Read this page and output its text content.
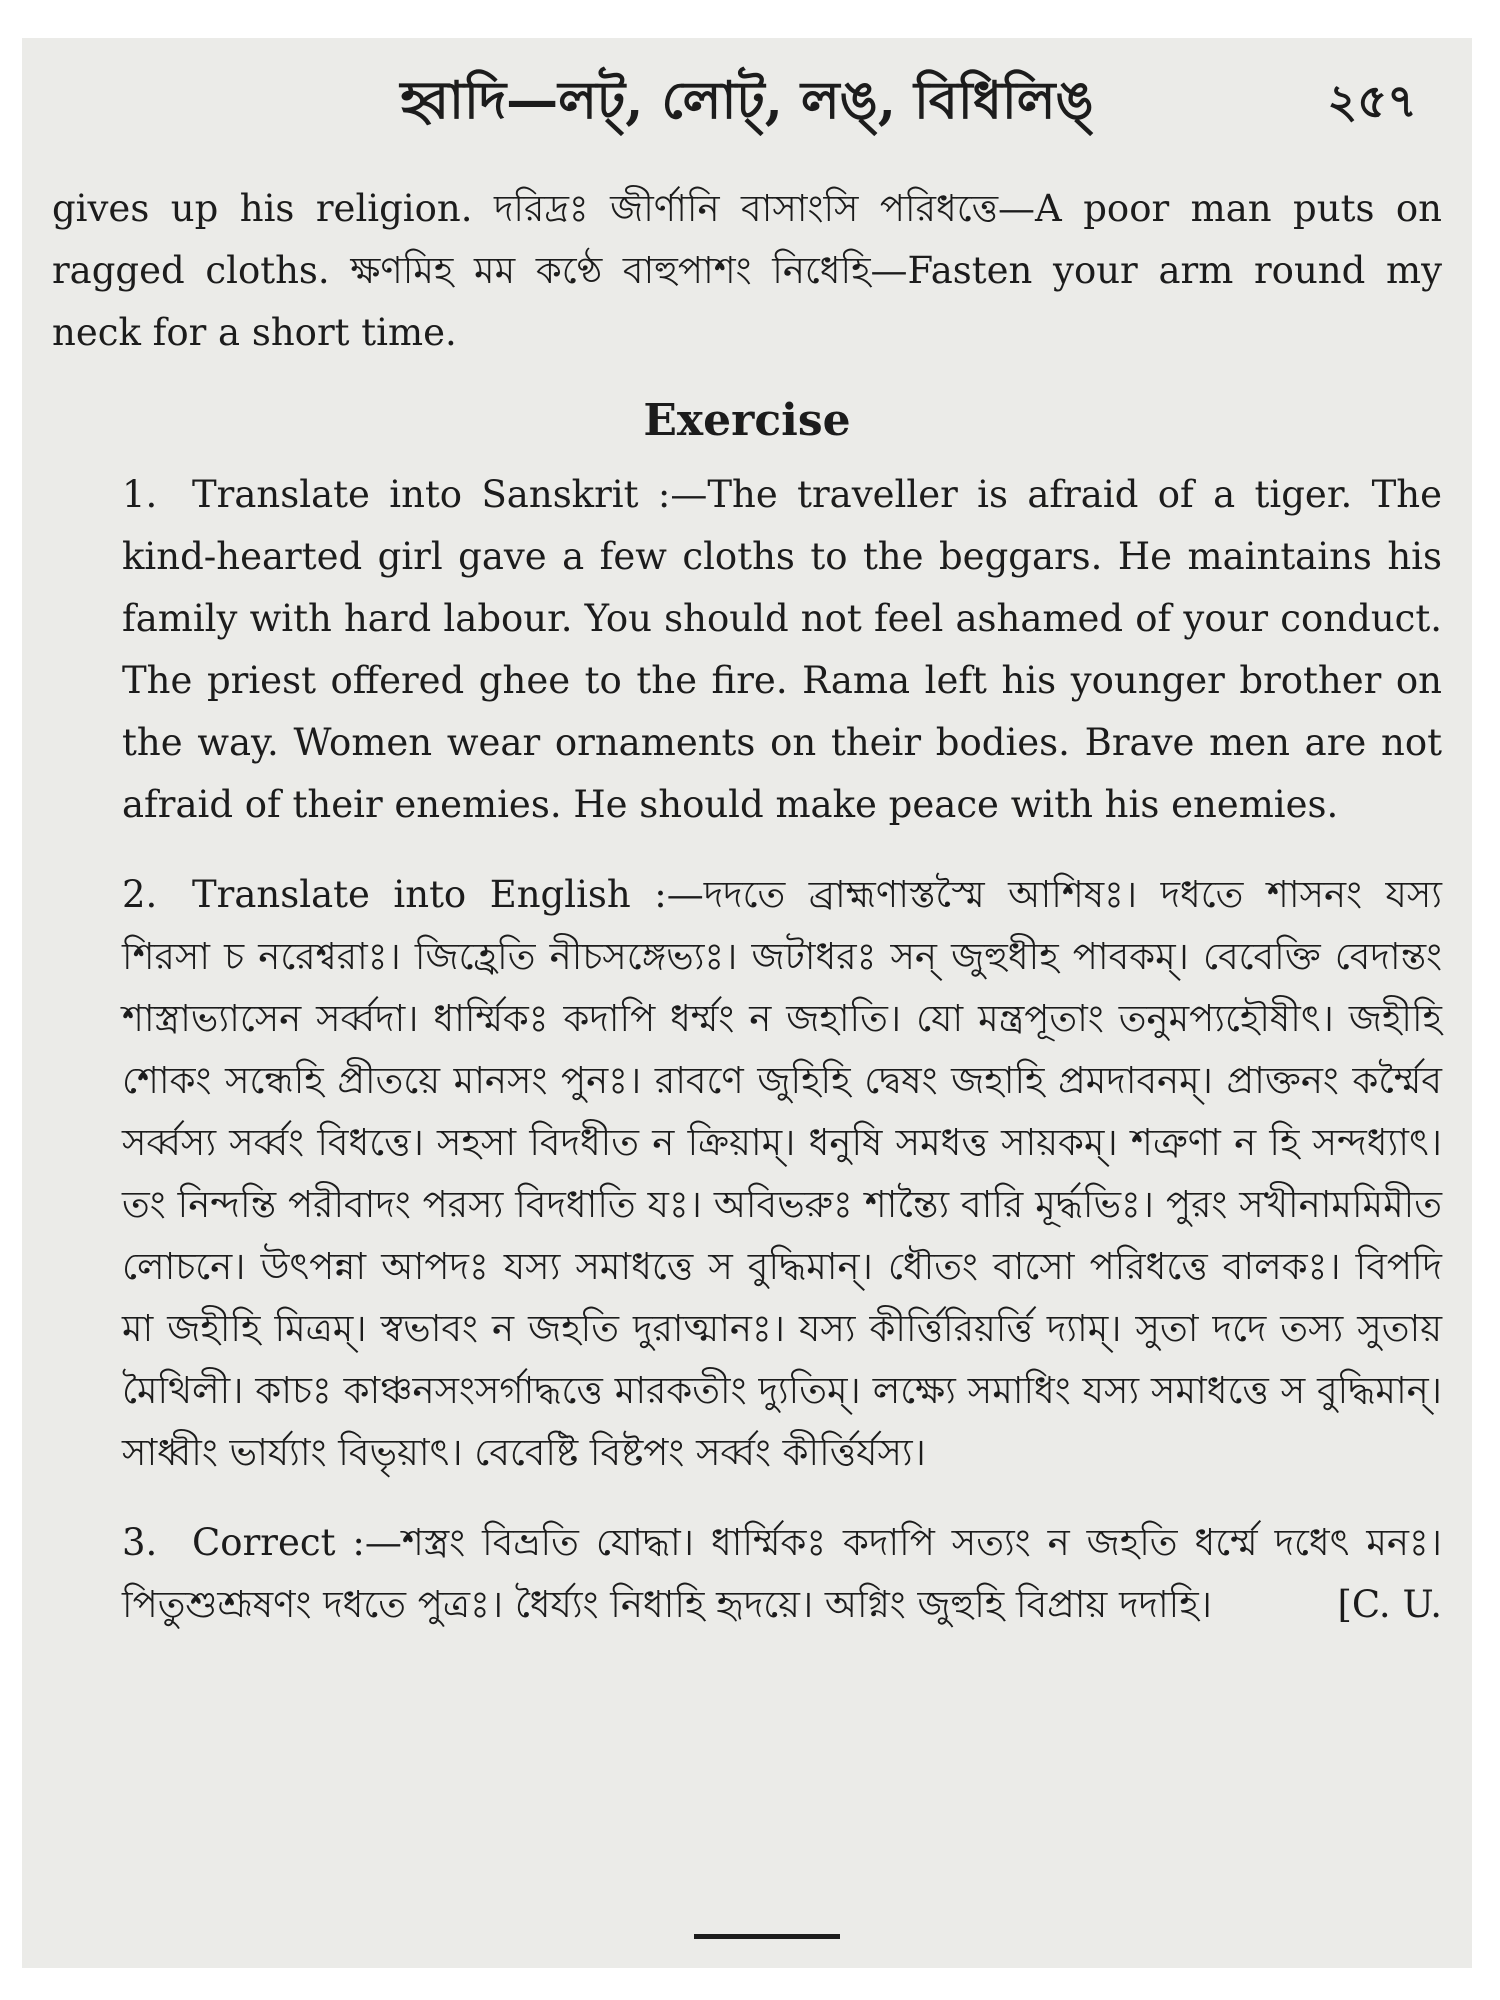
হ্বাদি—লট্, লোট্, লঙ্, বিধিলিঙ্	২৫৭

gives up his religion. দরিদ্রঃ জীর্ণানি বাসাংসি পরিধত্তে—A poor man puts on ragged cloths. ক্ষণমিহ মম কণ্ঠে বাহুপাশং নিধেহি—Fasten your arm round my neck for a short time.

Exercise

1. Translate into Sanskrit :—The traveller is afraid of a tiger. The kind-hearted girl gave a few cloths to the beggars. He maintains his family with hard labour. You should not feel ashamed of your conduct. The priest offered ghee to the fire. Rama left his younger brother on the way. Women wear ornaments on their bodies. Brave men are not afraid of their enemies. He should make peace with his enemies.

2. Translate into English :—দদতে ব্রাহ্মণাস্তস্মৈ আশিষঃ। দধতে শাসনং যস্য শিরসা চ নরেশ্বরাঃ। জিহ্রেতি নীচসঙ্গেভ্যঃ। জটাধরঃ সন্ জুহুধীহ পাবকম্। বেবেক্তি বেদান্তং শাস্ত্রাভ্যাসেন সর্ব্বদা। ধার্ম্মিকঃ কদাপি ধর্ম্মং ন জহাতি। যো মন্ত্রপূতাং তনুমপ্যহৌষীৎ। জহীহি শোকং সন্ধেহি প্রীতয়ে মানসং পুনঃ। রাবণে জুহিহি দ্বেষং জহাহি প্রমদাবনম্। প্রাক্তনং কর্ম্মৈব সর্ব্বস্য সর্ব্বং বিধত্তে। সহসা বিদধীত ন ক্রিয়াম্। ধনুষি সমধত্ত সায়কম্। শত্রুণা ন হি সন্দধ্যাৎ। তং নিন্দন্তি পরীবাদং পরস্য বিদধাতি যঃ। অবিভরুঃ শান্ত্যৈ বারি মূর্দ্ধভিঃ। পুরং সখীনামমিমীত লোচনে। উৎপন্না আপদঃ যস্য সমাধত্তে স বুদ্ধিমান্। ধৌতং বাসো পরিধত্তে বালকঃ। বিপদি মা জহীহি মিত্রম্। স্বভাবং ন জহতি দুরাত্মানঃ। যস্য কীর্ত্তিরিয়র্ত্তি দ্যাম্। সুতা দদে তস্য সুতায় মৈথিলী। কাচঃ কাঞ্চনসংসর্গাদ্ধত্তে মারকতীং দ্যুতিম্। লক্ষ্যে সমাধিং যস্য সমাধত্তে স বুদ্ধিমান্। সাধ্বীং ভার্য্যাং বিভৃয়াৎ। বেবেষ্টি বিষ্টপং সর্ব্বং কীর্ত্তির্যস্য।

3. Correct :—শস্ত্রং বিভ্রতি যোদ্ধা। ধার্ম্মিকঃ কদাপি সত্যং ন জহতি ধর্ম্মে দধেৎ মনঃ। পিতুশুশ্রূষণং দধতে পুত্রঃ। ধৈর্য্যং নিধাহি হৃদয়ে। অগ্নিং জুহুহি বিপ্রায় দদাহি।	[C. U.
